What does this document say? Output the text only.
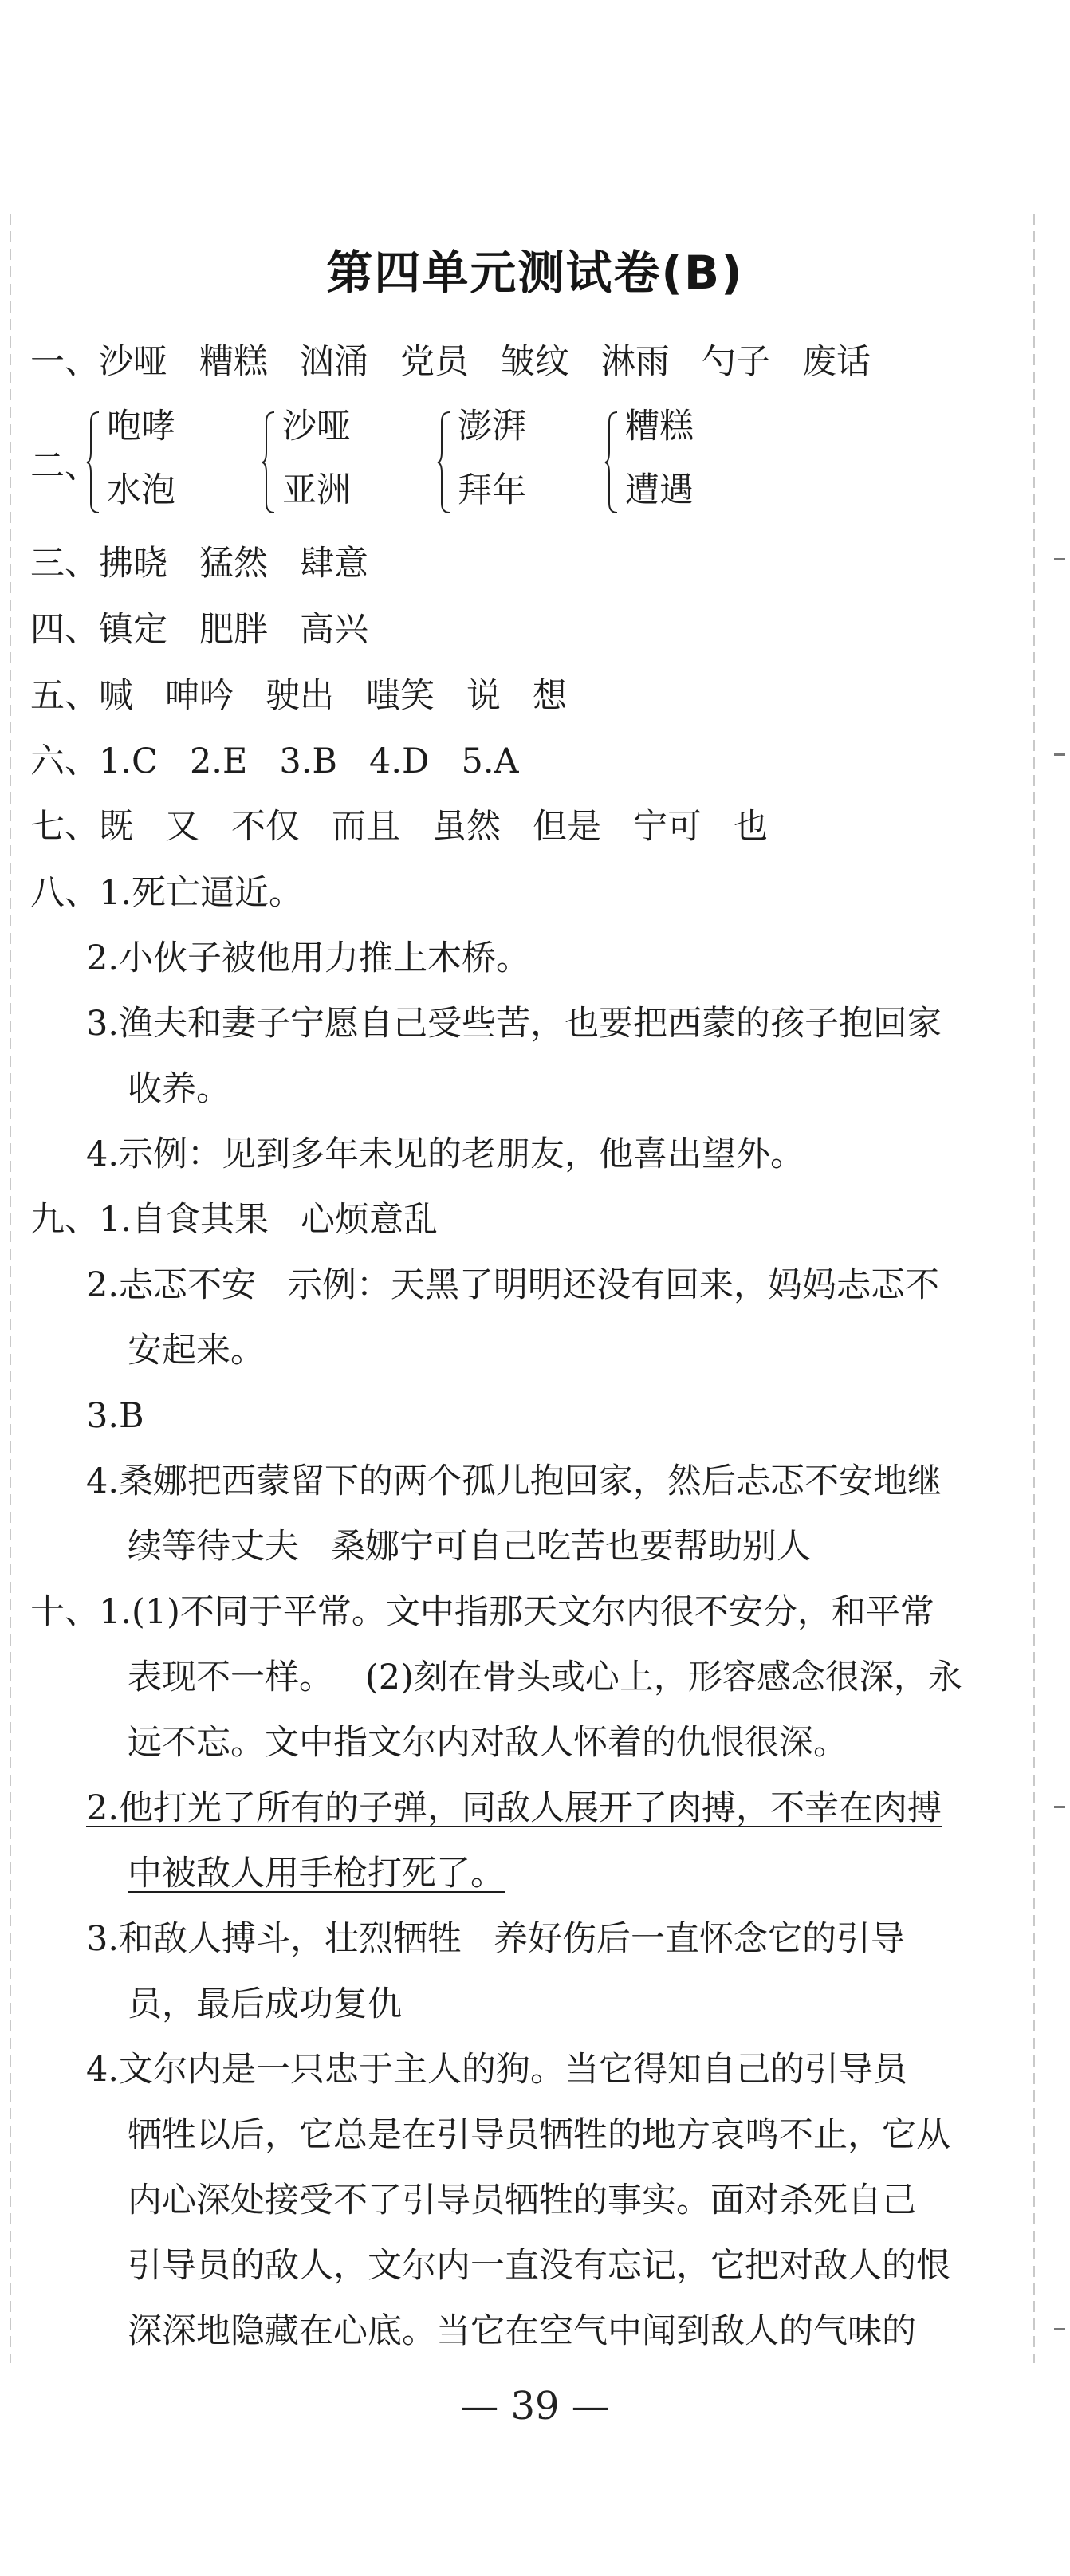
第四单元测试卷(B)
一、沙哑 糟糕 汹涌 党员 皱纹 淋雨 勺子 废话
二、
咆哮
水泡
沙哑
亚洲
澎湃
拜年
糟糕
遭遇
三、拂晓 猛然 肆意
四、镇定 肥胖 高兴
五、喊 呻吟 驶出 嗤笑 说 想
六、1.C 2.E 3.B 4.D 5.A
七、既 又 不仅 而且 虽然 但是 宁可 也
八、1.死亡逼近。
2.小伙子被他用力推上木桥。
3.渔夫和妻子宁愿自己受些苦，也要把西蒙的孩子抱回家
收养。
4.示例：见到多年未见的老朋友，他喜出望外。
九、1.自食其果 心烦意乱
2.忐忑不安 示例：天黑了明明还没有回来，妈妈忐忑不
安起来。
3.B
4.桑娜把西蒙留下的两个孤儿抱回家，然后忐忑不安地继
续等待丈夫 桑娜宁可自己吃苦也要帮助别人
十、1.(1)不同于平常。文中指那天文尔内很不安分，和平常
表现不一样。 (2)刻在骨头或心上，形容感念很深，永
远不忘。文中指文尔内对敌人怀着的仇恨很深。
2.他打光了所有的子弹，同敌人展开了肉搏，不幸在肉搏
中被敌人用手枪打死了。
3.和敌人搏斗，壮烈牺牲 养好伤后一直怀念它的引导
员，最后成功复仇
4.文尔内是一只忠于主人的狗。当它得知自己的引导员
牺牲以后，它总是在引导员牺牲的地方哀鸣不止，它从
内心深处接受不了引导员牺牲的事实。面对杀死自己
引导员的敌人，文尔内一直没有忘记，它把对敌人的恨
深深地隐藏在心底。当它在空气中闻到敌人的气味的
— 39 —
